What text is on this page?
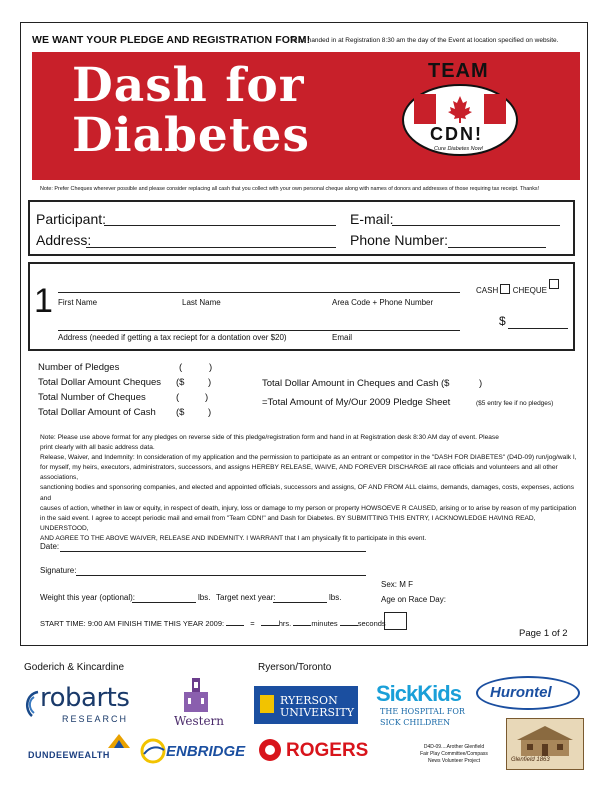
WE WANT YOUR PLEDGE AND REGISTRATION FORM!
To be handed in at Registration 8:30 am the day of the Event at location specified on website.
Dash for
Diabetes
TEAM
CDN!
Cure Diabetes Now!
Note: Prefer Cheques wherever possible and please consider replacing all cash that you collect with your own personal cheque along with names of donors and addresses of those requiring tax receipt. Thanks!
Participant:	E-mail:
Address:	Phone Number:
1 First Name	Last Name	Area Code + Phone Number
CASH CHEQUE
$
Address (needed if getting a tax reciept for a dontation over $20)	Email
Number of Pledges	(	)
Total Dollar Amount Cheques ($ )
Total Number of Cheques	(	)
Total Dollar Amount of Cash ($ )
Total Dollar Amount in Cheques and Cash ($	)
=Total Amount of My/Our 2009 Pledge Sheet	($5 entry fee if no pledges)

Note: Please use above format for any pledges on reverse side of this pledge/registration form and hand in at Registration desk 8:30 AM day of event. Please

print clearly with all basic address data.

Release, Waiver, and Indemnity: In consideration of my application and the permission to participate as an entrant or competitor in the "DASH FOR DIABETES" (D4D-09) run/jog/walk I,

for myself, my heirs, executors, administrators, successors, and assigns HEREBY RELEASE, WAIVE, AND FOREVER DISCHARGE all race officials and volunteers and all other associations,

sanctioning bodies and sponsoring companies, and elected and appointed officials, successors and assigns, OF AND FROM ALL claims, demands, damages, costs, expenses, actions and

causes of action, whether in law or equity, in respect of death, injury, loss or damage to my person or property HOWSOEVE R CAUSED, arising or to arise by reason of my participation

in the said event. I agree to accept periodic mail and email from "Team CDN!" and Dash for Diabetes. BY SUBMITTING THIS ENTRY, I ACKNOWLEDGE HAVING READ, UNDERSTOOD,

AND AGREE TO THE ABOVE WAIVER, RELEASE AND INDEMNITY. I WARRANT that I am physically fit to participate in this event.

Date:
Signature:
Weight this year (optional):	lbs. Target next year:	lbs.
Sex: M F
Age on Race Day:
START TIME: 9:00 AM FINISH TIME THIS YEAR 2009:	=	hrs.	minutes	seconds
Page 1 of 2
Goderich & Kincardine	Ryerson/Toronto
robarts
RESEARCH	Western
RYERSON
UNIVERSITY
SickKids
THE HOSPITAL FOR
SICK CHILDREN
Hurontel
DUNDEEWEALTH	ENBRIDGE ROGERS	D4D-09....Arother Glenfield
Fair Play Committee/Compass
News Volunteer Project	Glenfield 1863
